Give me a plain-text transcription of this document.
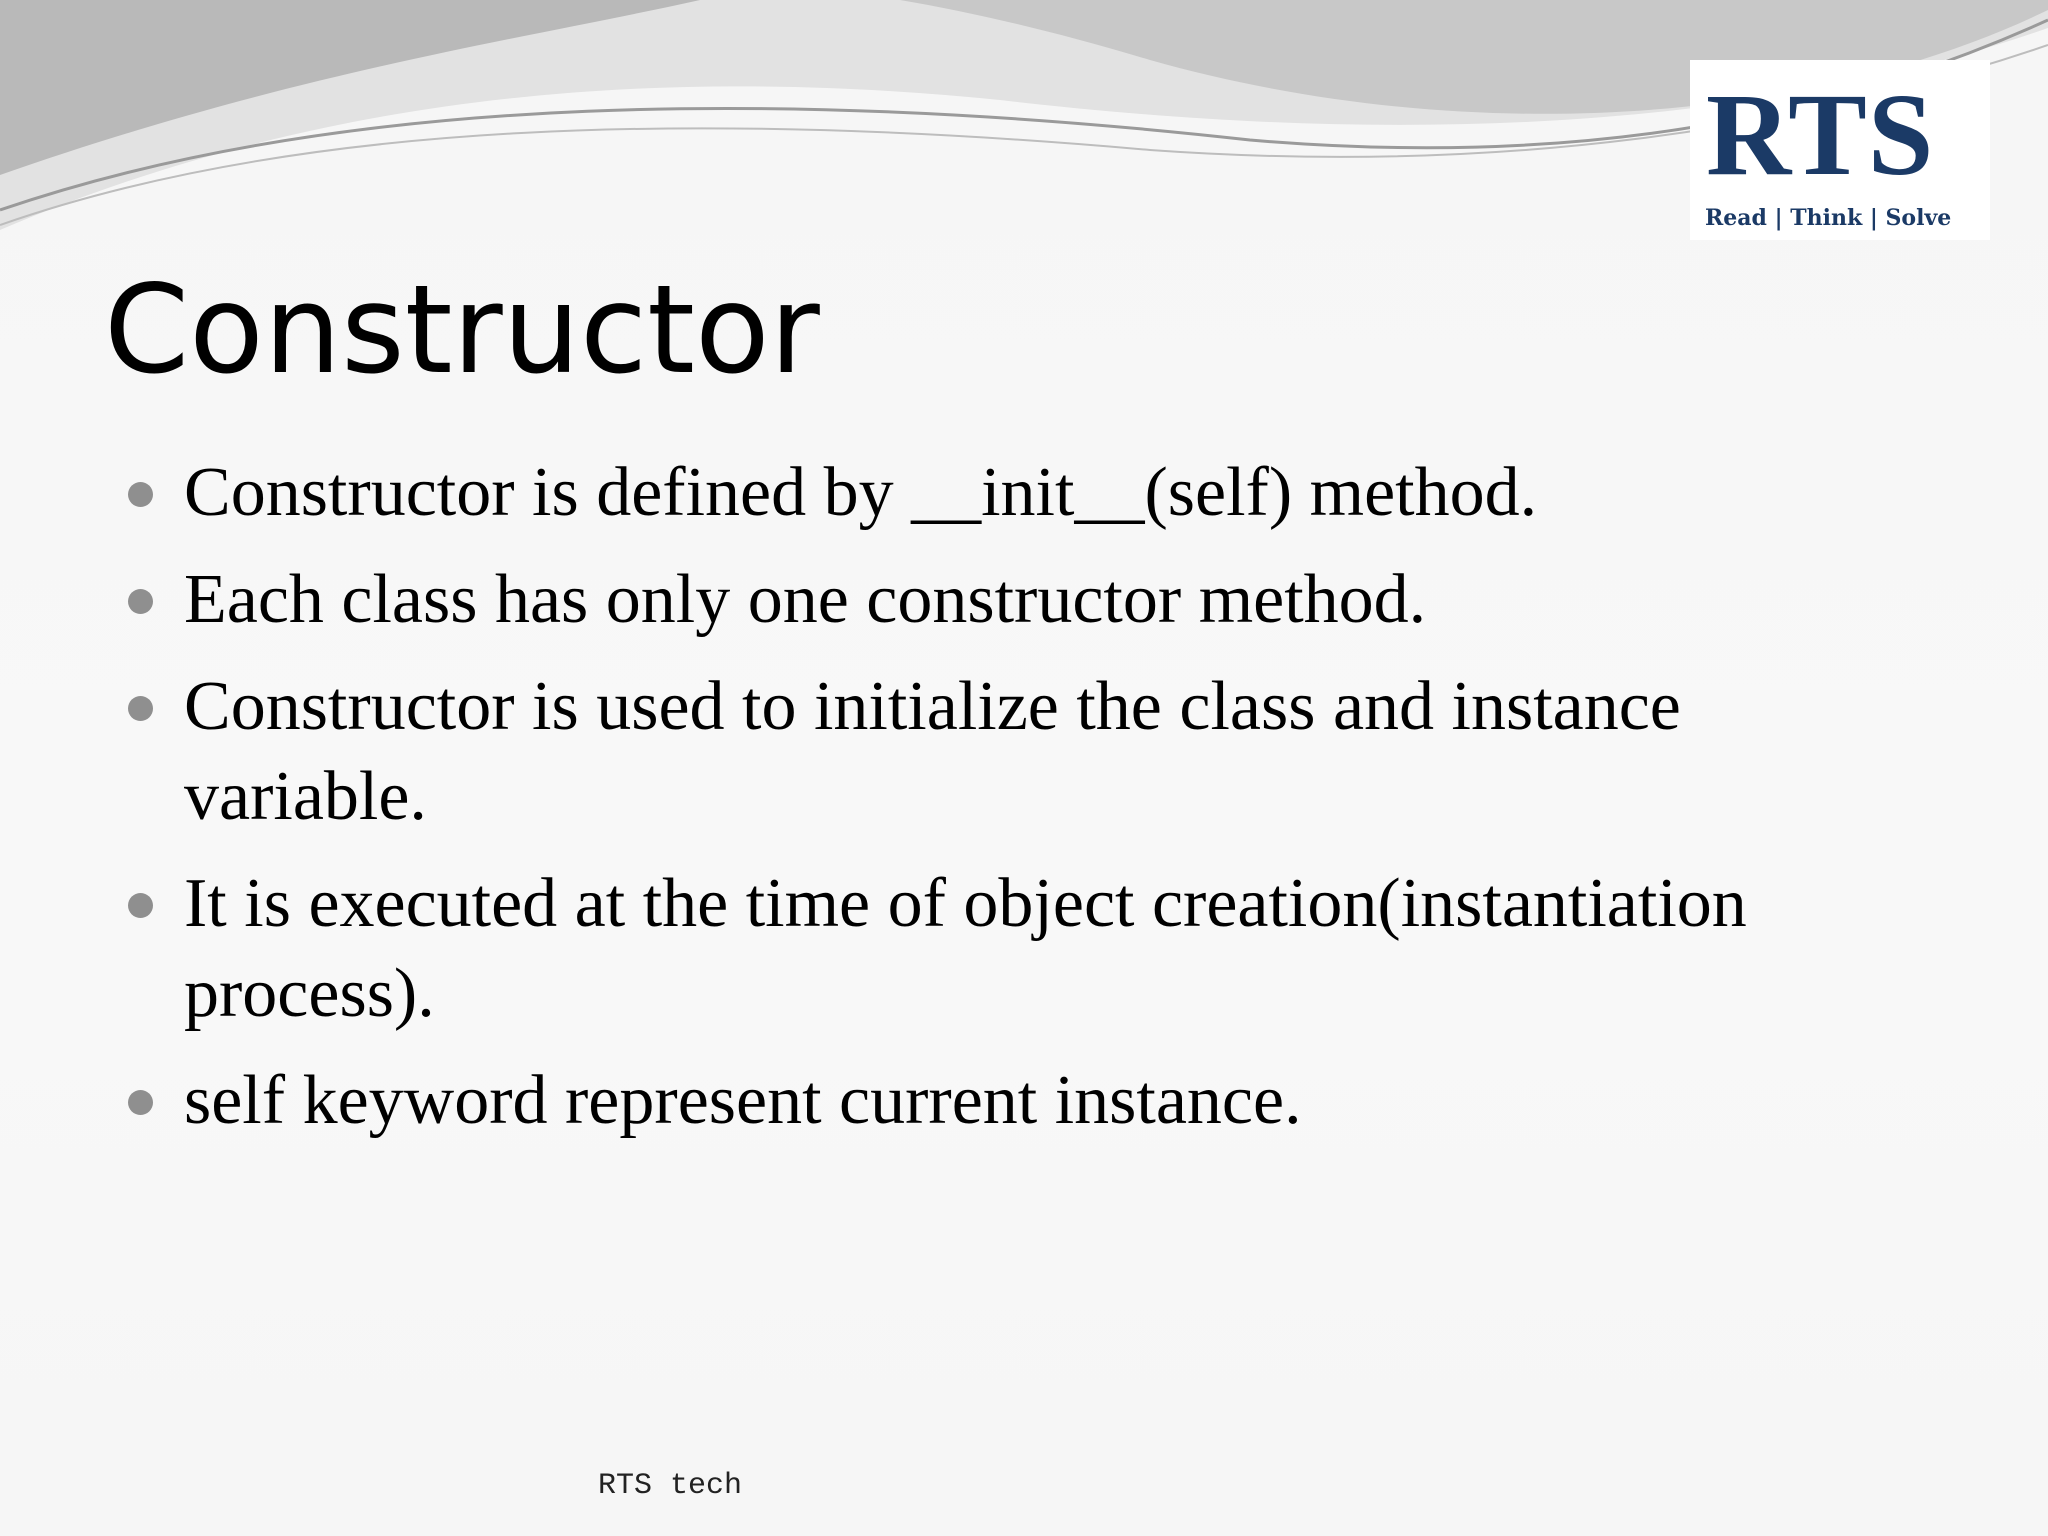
RTS
Read | Think | Solve
Constructor
Constructor is defined by __init__(self) method.
Each class has only one constructor method.
Constructor is used to initialize the class and instance variable.
It is executed at the time of object creation(instantiation process).
self keyword represent current instance.
RTS tech
